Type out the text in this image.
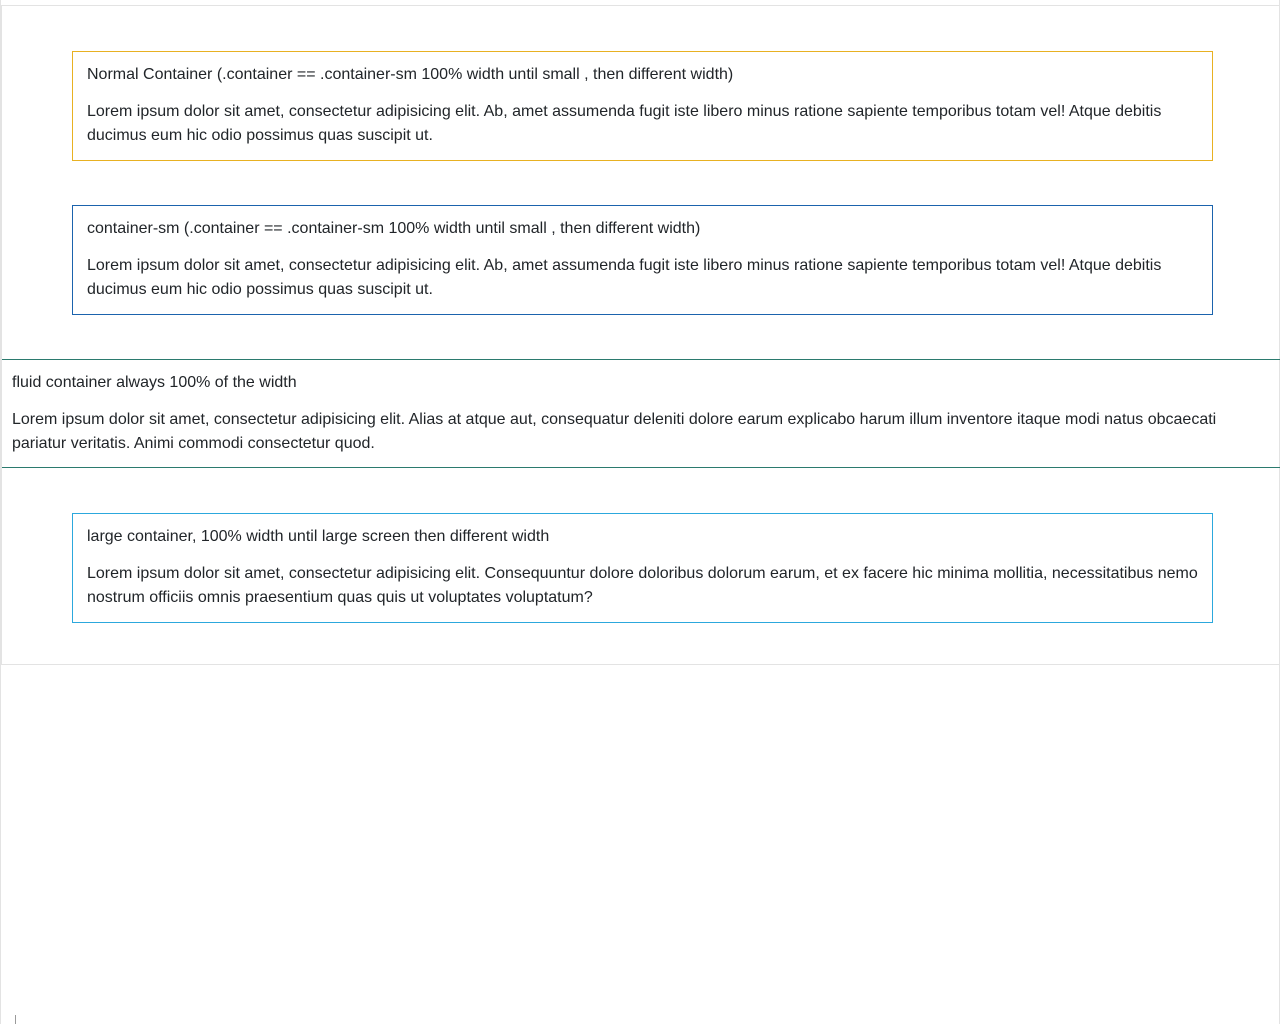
Normal Container (.container == .container-sm 100% width until small , then different width)

Lorem ipsum dolor sit amet, consectetur adipisicing elit. Ab, amet assumenda fugit iste libero minus ratione sapiente temporibus totam vel! Atque debitis ducimus eum hic odio possimus quas suscipit ut.

container-sm (.container == .container-sm 100% width until small , then different width)

Lorem ipsum dolor sit amet, consectetur adipisicing elit. Ab, amet assumenda fugit iste libero minus ratione sapiente temporibus totam vel! Atque debitis ducimus eum hic odio possimus quas suscipit ut.

fluid container always 100% of the width

Lorem ipsum dolor sit amet, consectetur adipisicing elit. Alias at atque aut, consequatur deleniti dolore earum explicabo harum illum inventore itaque modi natus obcaecati pariatur veritatis. Animi commodi consectetur quod.

large container, 100% width until large screen then different width

Lorem ipsum dolor sit amet, consectetur adipisicing elit. Consequuntur dolore doloribus dolorum earum, et ex facere hic minima mollitia, necessitatibus nemo nostrum officiis omnis praesentium quas quis ut voluptates voluptatum?
